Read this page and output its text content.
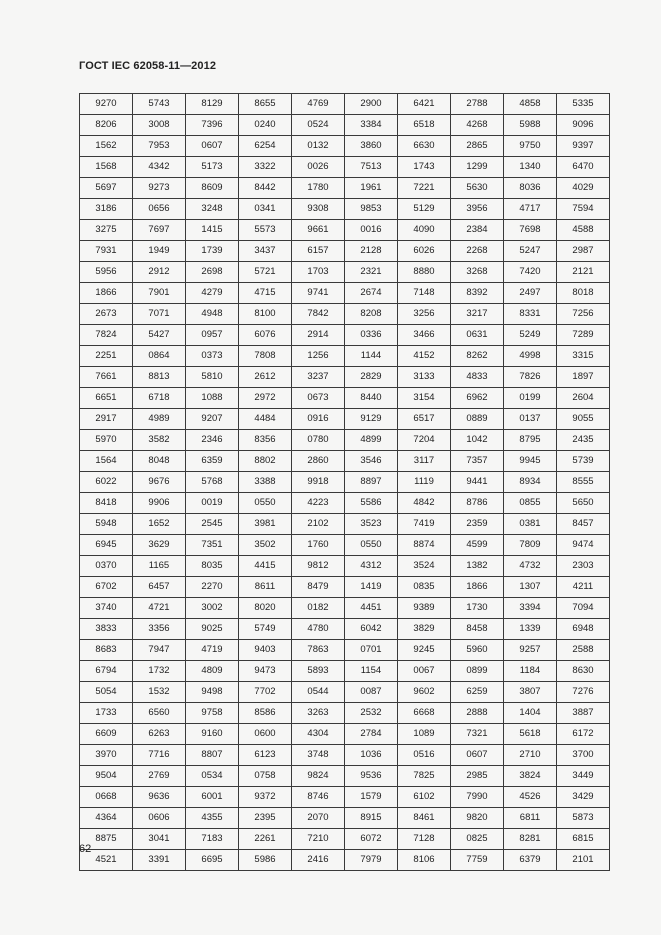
ГОСТ IEC 62058-11—2012
9270	5743	8129	8655	4769	2900	6421	2788	4858	5335
8206	3008	7396	0240	0524	3384	6518	4268	5988	9096
1562	7953	0607	6254	0132	3860	6630	2865	9750	9397
1568	4342	5173	3322	0026	7513	1743	1299	1340	6470
5697	9273	8609	8442	1780	1961	7221	5630	8036	4029
3186	0656	3248	0341	9308	9853	5129	3956	4717	7594
3275	7697	1415	5573	9661	0016	4090	2384	7698	4588
7931	1949	1739	3437	6157	2128	6026	2268	5247	2987
5956	2912	2698	5721	1703	2321	8880	3268	7420	2121
1866	7901	4279	4715	9741	2674	7148	8392	2497	8018
2673	7071	4948	8100	7842	8208	3256	3217	8331	7256
7824	5427	0957	6076	2914	0336	3466	0631	5249	7289
2251	0864	0373	7808	1256	1144	4152	8262	4998	3315
7661	8813	5810	2612	3237	2829	3133	4833	7826	1897
6651	6718	1088	2972	0673	8440	3154	6962	0199	2604
2917	4989	9207	4484	0916	9129	6517	0889	0137	9055
5970	3582	2346	8356	0780	4899	7204	1042	8795	2435
1564	8048	6359	8802	2860	3546	3117	7357	9945	5739
6022	9676	5768	3388	9918	8897	1119	9441	8934	8555
8418	9906	0019	0550	4223	5586	4842	8786	0855	5650
5948	1652	2545	3981	2102	3523	7419	2359	0381	8457
6945	3629	7351	3502	1760	0550	8874	4599	7809	9474
0370	1165	8035	4415	9812	4312	3524	1382	4732	2303
6702	6457	2270	8611	8479	1419	0835	1866	1307	4211
3740	4721	3002	8020	0182	4451	9389	1730	3394	7094
3833	3356	9025	5749	4780	6042	3829	8458	1339	6948
8683	7947	4719	9403	7863	0701	9245	5960	9257	2588
6794	1732	4809	9473	5893	1154	0067	0899	1184	8630
5054	1532	9498	7702	0544	0087	9602	6259	3807	7276
1733	6560	9758	8586	3263	2532	6668	2888	1404	3887
6609	6263	9160	0600	4304	2784	1089	7321	5618	6172
3970	7716	8807	6123	3748	1036	0516	0607	2710	3700
9504	2769	0534	0758	9824	9536	7825	2985	3824	3449
0668	9636	6001	9372	8746	1579	6102	7990	4526	3429
4364	0606	4355	2395	2070	8915	8461	9820	6811	5873
8875	3041	7183	2261	7210	6072	7128	0825	8281	6815
4521	3391	6695	5986	2416	7979	8106	7759	6379	2101
62
